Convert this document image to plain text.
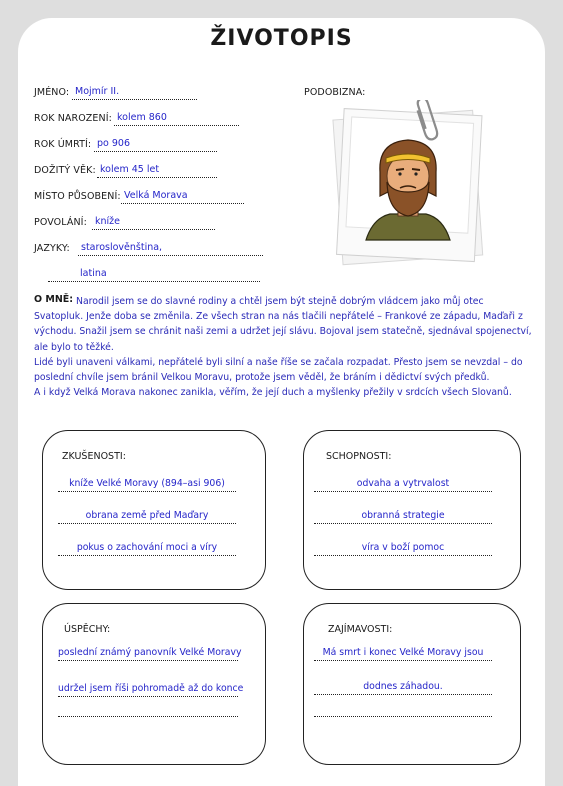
ŽIVOTOPIS
JMÉNO: Mojmír II.
ROK NAROZENÍ: kolem 860
ROK ÚMRTÍ: po 906
DOŽITÝ VĚK: kolem 45 let
MÍSTO PŮSOBENÍ: Velká Morava
POVOLÁNÍ: kníže
JAZYKY:	staroslověnština,
latina
PODOBIZNA:
O MNĚ: Narodil jsem se do slavné rodiny a chtěl jsem být stejně dobrým vládcem jako můj otec Svatopluk. Jenže doba se změnila. Ze všech stran na nás tlačili nepřátelé – Frankové ze západu, Maďaři z východu. Snažil jsem se chránit naši zemi a udržet její slávu. Bojoval jsem statečně, sjednával spojenectví, ale bylo to těžké.

Lidé byli unaveni válkami, nepřátelé byli silní a naše říše se začala rozpadat. Přesto jsem se nevzdal – do poslední chvíle jsem bránil Velkou Moravu, protože jsem věděl, že bráním i dědictví svých předků.

A i když Velká Morava nakonec zanikla, věřím, že její duch a myšlenky přežily v srdcích všech Slovanů.

ZKUŠENOSTI:
kníže Velké Moravy (894–asi 906)
obrana země před Maďary
pokus o zachování moci a víry
SCHOPNOSTI:
odvaha a vytrvalost
obranná strategie
víra v boží pomoc
ÚSPĚCHY:
poslední známý panovník Velké Moravy
udržel jsem říši pohromadě až do konce
ZAJÍMAVOSTI:
Má smrt i konec Velké Moravy jsou
dodnes záhadou.
